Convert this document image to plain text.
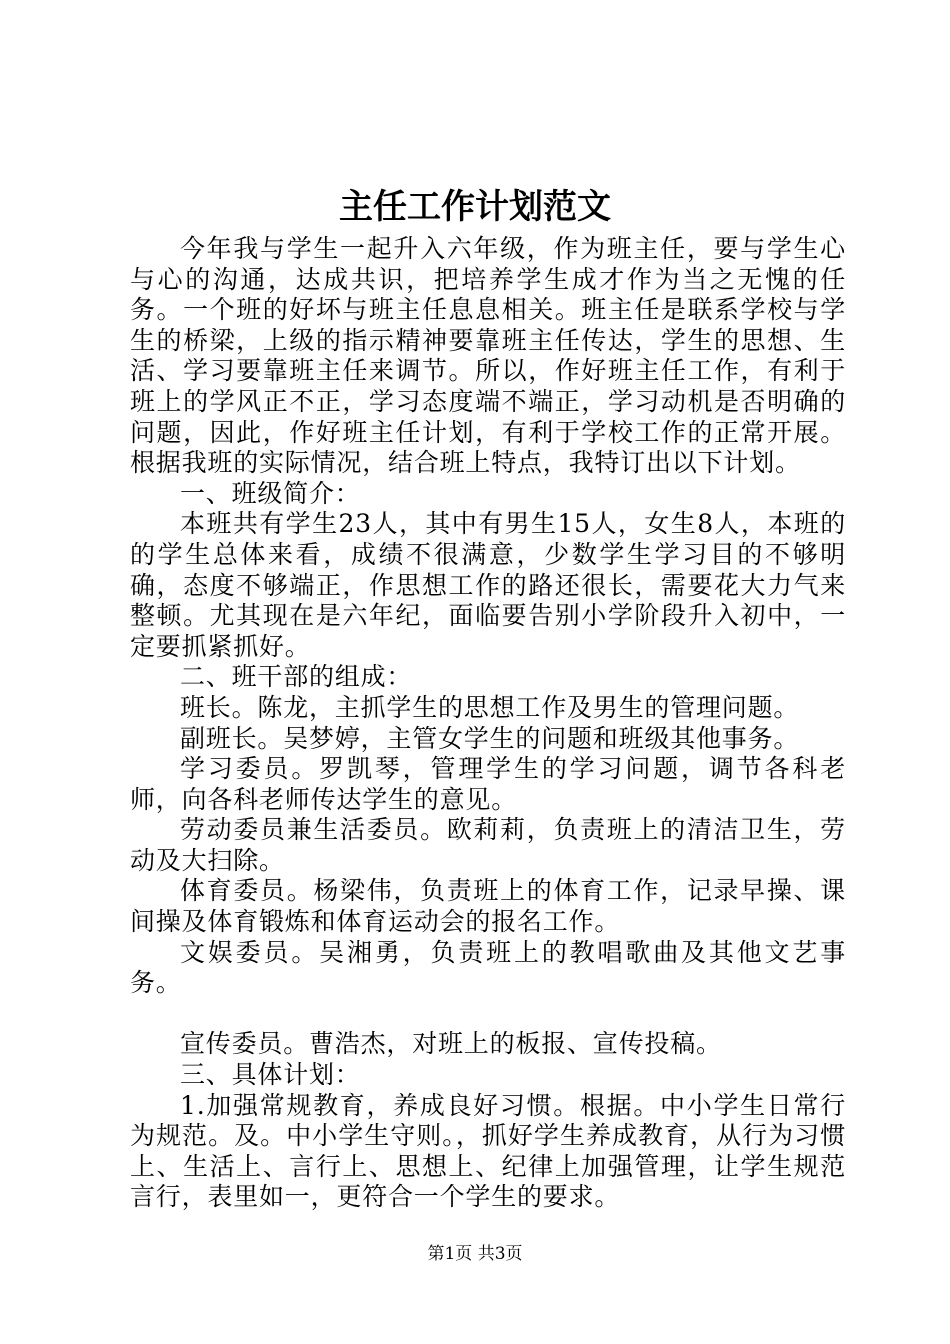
主任工作计划范文

今年我与学生一起升入六年级，作为班主任，要与学生心与心的沟通，达成共识，把培养学生成才作为当之无愧的任务。一个班的好坏与班主任息息相关。班主任是联系学校与学生的桥梁，上级的指示精神要靠班主任传达，学生的思想、生活、学习要靠班主任来调节。所以，作好班主任工作，有利于班上的学风正不正，学习态度端不端正，学习动机是否明确的问题，因此，作好班主任计划，有利于学校工作的正常开展。根据我班的实际情况，结合班上特点，我特订出以下计划。

一、班级简介：

本班共有学生23人，其中有男生15人，女生8人，本班的的学生总体来看，成绩不很满意，少数学生学习目的不够明确，态度不够端正，作思想工作的路还很长，需要花大力气来整顿。尤其现在是六年纪，面临要告别小学阶段升入初中，一定要抓紧抓好。

二、班干部的组成：

班长。陈龙，主抓学生的思想工作及男生的管理问题。

副班长。吴梦婷，主管女学生的问题和班级其他事务。

学习委员。罗凯琴，管理学生的学习问题，调节各科老师，向各科老师传达学生的意见。

劳动委员兼生活委员。欧莉莉，负责班上的清洁卫生，劳动及大扫除。

体育委员。杨梁伟，负责班上的体育工作，记录早操、课间操及体育锻炼和体育运动会的报名工作。

文娱委员。吴湘勇，负责班上的教唱歌曲及其他文艺事务。

宣传委员。曹浩杰，对班上的板报、宣传投稿。

三、具体计划：

1.加强常规教育，养成良好习惯。根据。中小学生日常行为规范。及。中小学生守则。，抓好学生养成教育，从行为习惯上、生活上、言行上、思想上、纪律上加强管理，让学生规范言行，表里如一，更符合一个学生的要求。

第1页 共3页
